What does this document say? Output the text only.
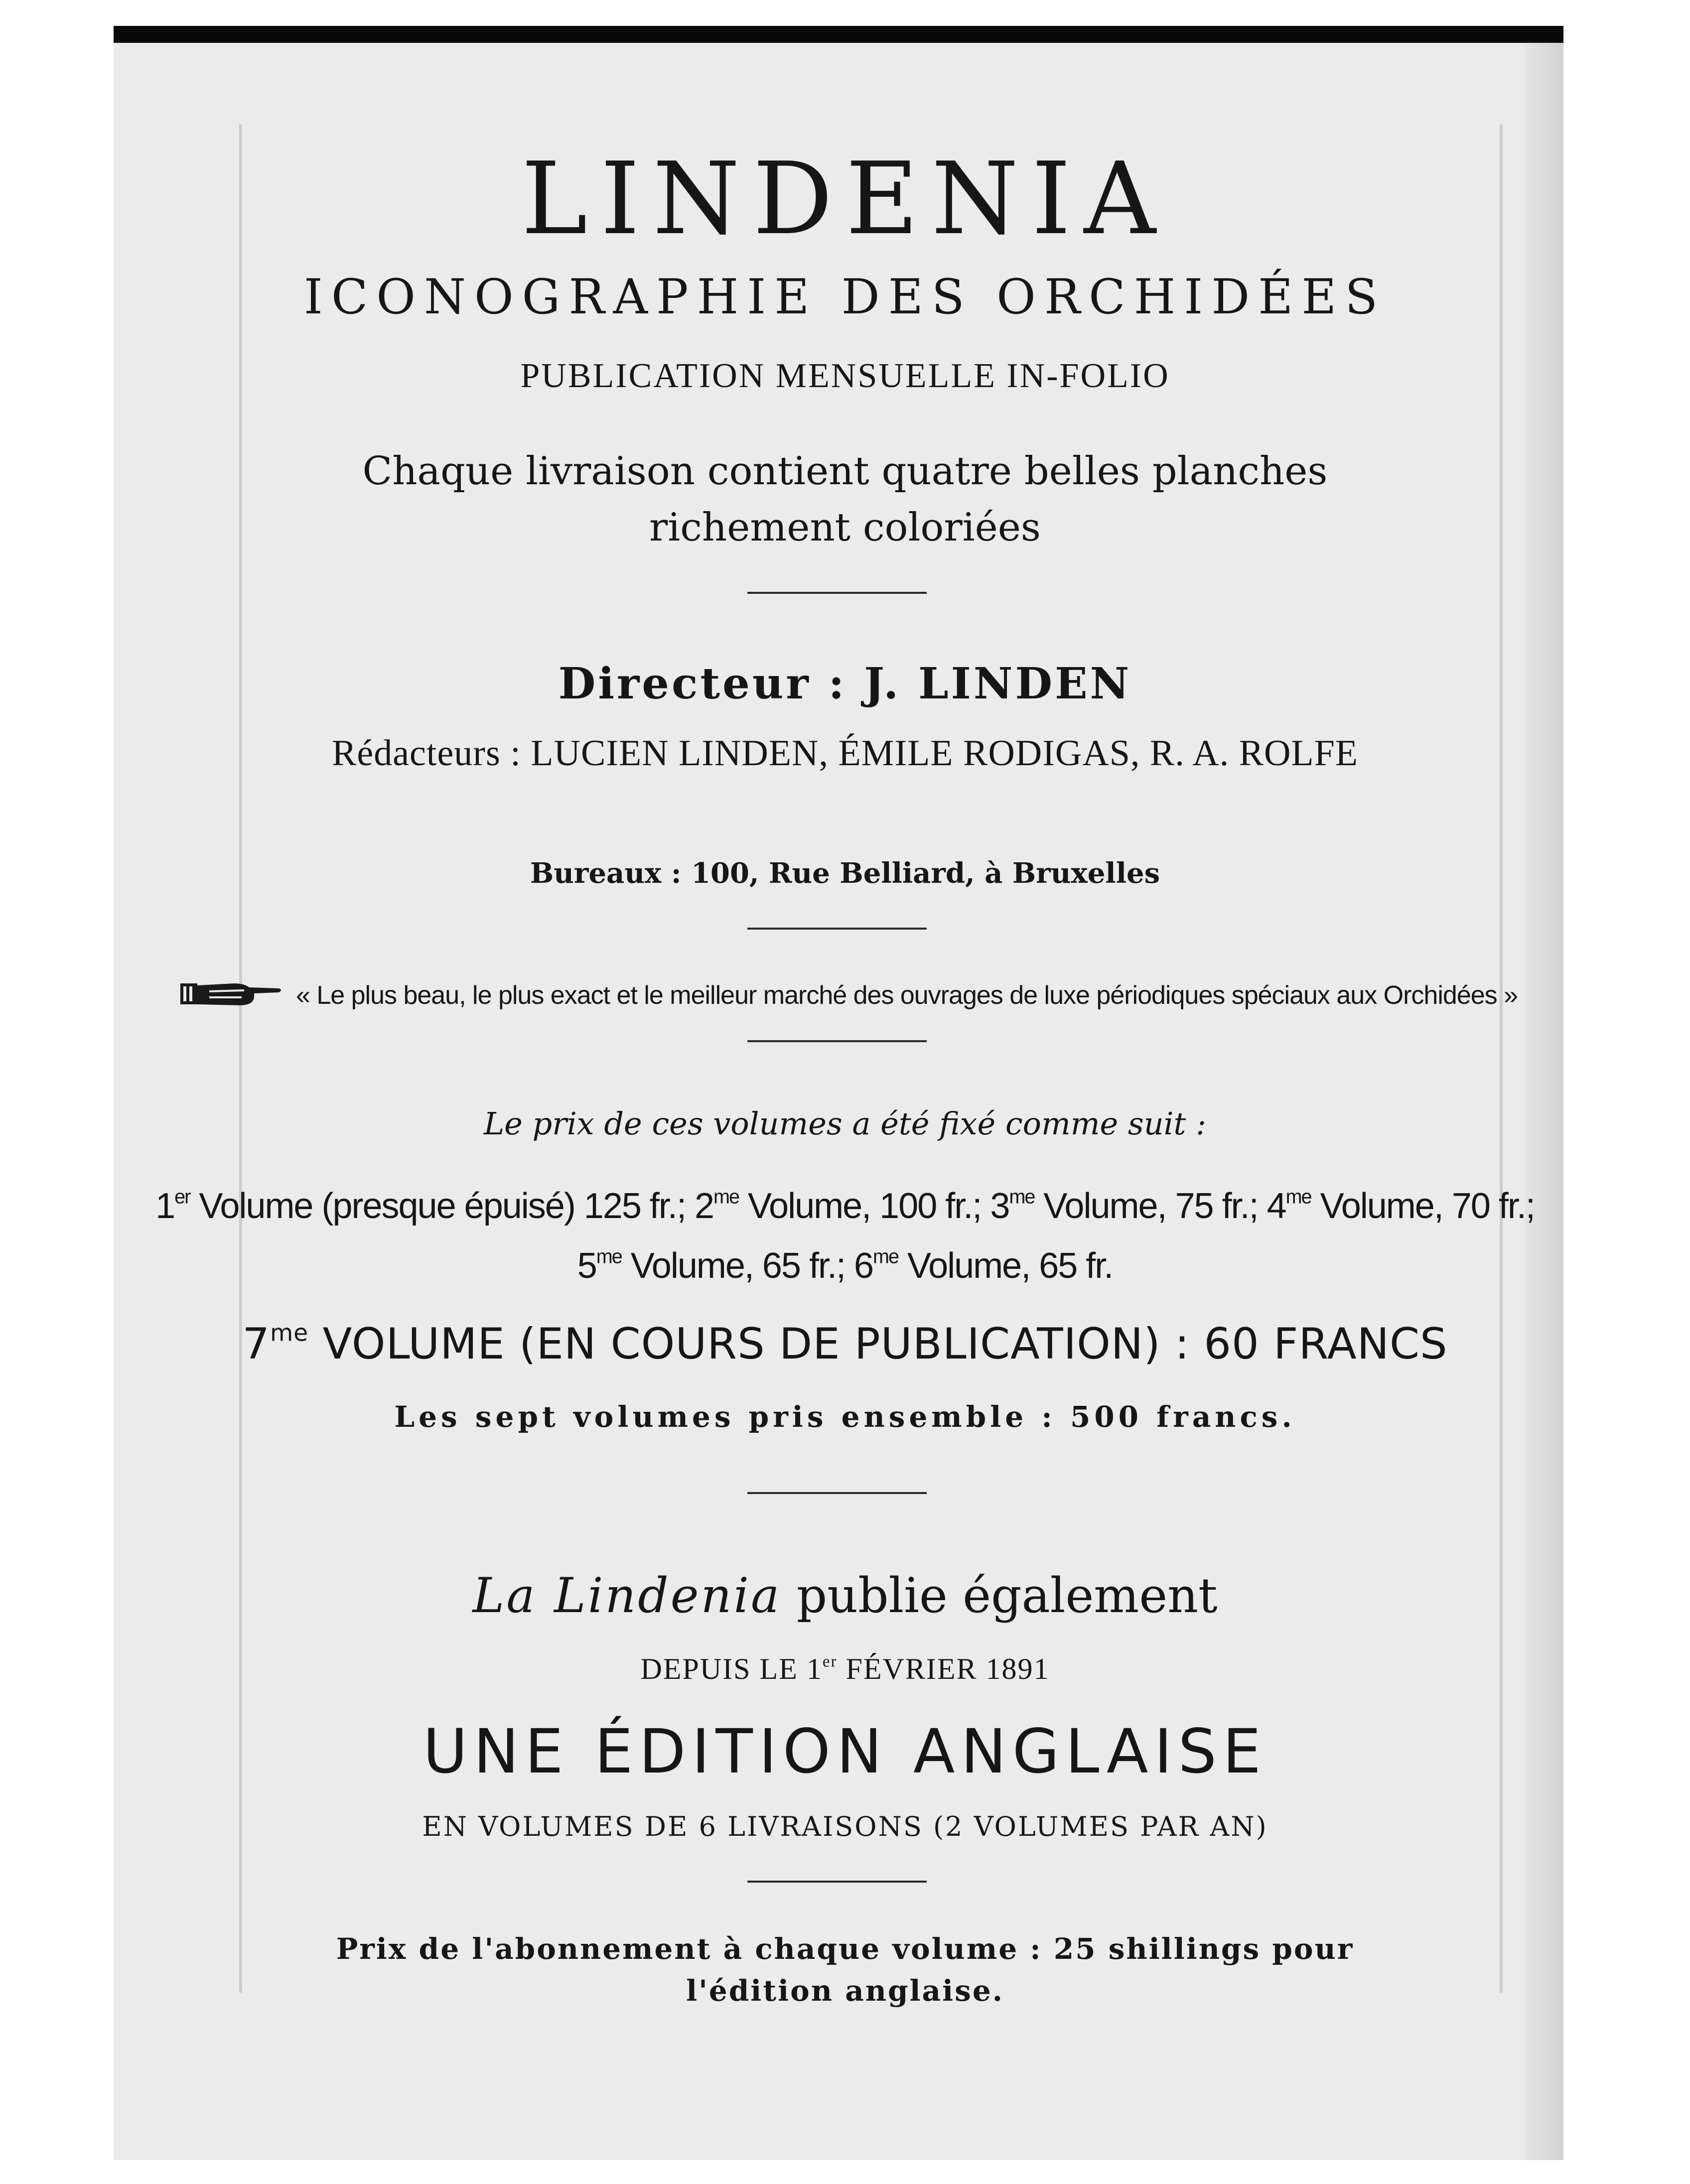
LINDENIA
ICONOGRAPHIE DES ORCHIDÉES
PUBLICATION MENSUELLE IN-FOLIO
Chaque livraison contient quatre belles planches
richement coloriées
Directeur : J. LINDEN
Rédacteurs : LUCIEN LINDEN, ÉMILE RODIGAS, R. A. ROLFE
Bureaux : 100, Rue Belliard, à Bruxelles
« Le plus beau, le plus exact et le meilleur marché des ouvrages de luxe périodiques spéciaux aux Orchidées »
Le prix de ces volumes a été fixé comme suit :
1er Volume (presque épuisé) 125 fr.; $2^{me}$ Volume, 100 fr.; $3^{me}$ Volume, 75 fr.; $4^{me}$ Volume, 70 fr.;
$5^{me}$ Volume, 65 fr.; $6^{me}$ Volume, 65 fr.
$7^{me}$ VOLUME (EN COURS DE PUBLICATION) : 60 FRANCS
Les sept volumes pris ensemble : 500 francs.
La Lindenia publie également
DEPUIS LE 1er FÉVRIER 1891
UNE ÉDITION ANGLAISE
EN VOLUMES DE 6 LIVRAISONS (2 VOLUMES PAR AN)
Prix de l'abonnement à chaque volume : 25 shillings pour
l'édition anglaise.
